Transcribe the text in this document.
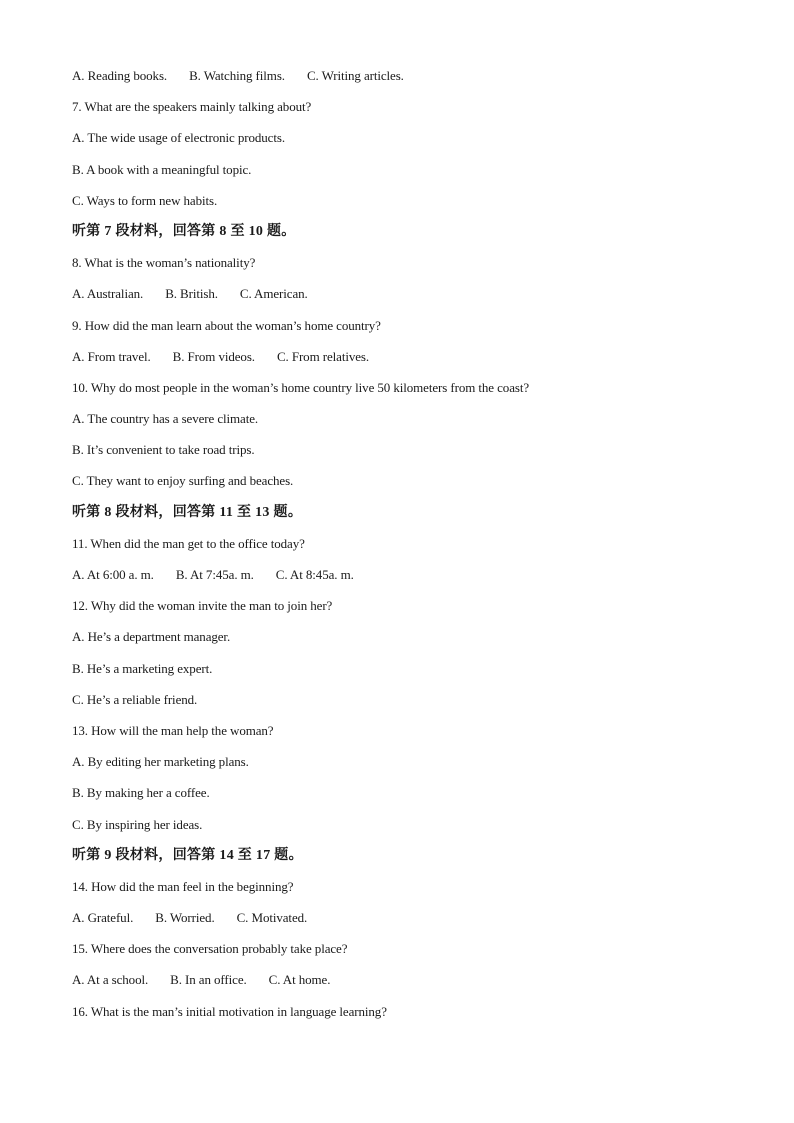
A. Reading books. B. Watching films. C. Writing articles.
7. What are the speakers mainly talking about?
A. The wide usage of electronic products.
B. A book with a meaningful topic.
C. Ways to form new habits.
听第 7 段材料，回答第 8 至 10 题。
8. What is the woman’s nationality?
A. Australian. B. British. C. American.
9. How did the man learn about the woman’s home country?
A. From travel. B. From videos. C. From relatives.
10. Why do most people in the woman’s home country live 50 kilometers from the coast?
A. The country has a severe climate.
B. It’s convenient to take road trips.
C. They want to enjoy surfing and beaches.
听第 8 段材料，回答第 11 至 13 题。
11. When did the man get to the office today?
A. At 6:00 a. m. B. At 7:45a. m. C. At 8:45a. m.
12. Why did the woman invite the man to join her?
A. He’s a department manager.
B. He’s a marketing expert.
C. He’s a reliable friend.
13. How will the man help the woman?
A. By editing her marketing plans.
B. By making her a coffee.
C. By inspiring her ideas.
听第 9 段材料，回答第 14 至 17 题。
14. How did the man feel in the beginning?
A. Grateful. B. Worried. C. Motivated.
15. Where does the conversation probably take place?
A. At a school. B. In an office. C. At home.
16. What is the man’s initial motivation in language learning?
